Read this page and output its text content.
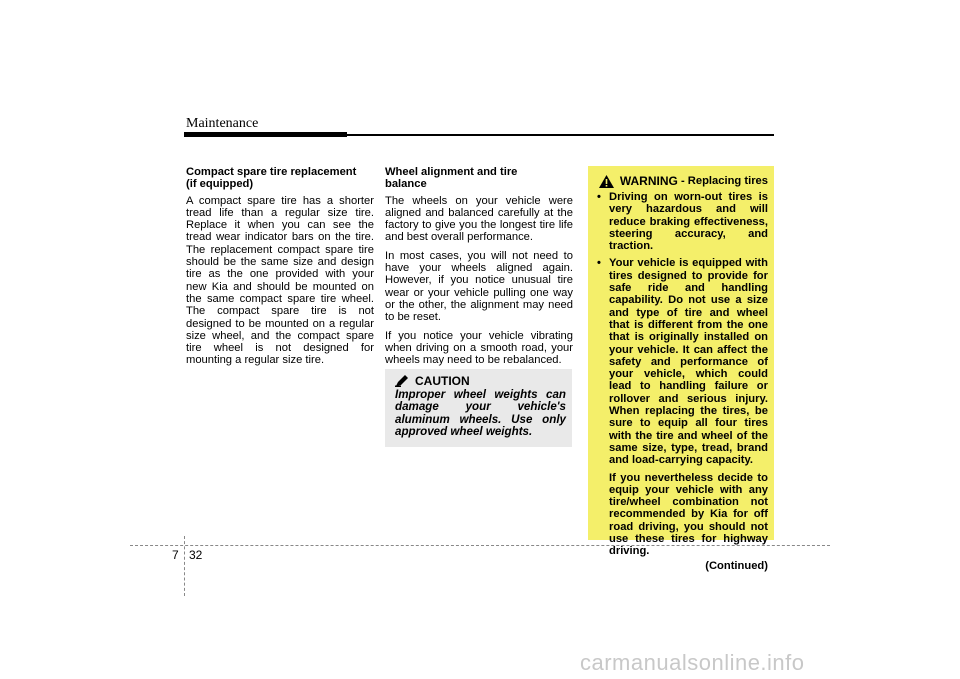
Maintenance
Compact spare tire replacement
(if equipped)

A compact spare tire has a shorter tread life than a regular size tire. Replace it when you can see the tread wear indicator bars on the tire. The replacement compact spare tire should be the same size and design tire as the one provided with your new Kia and should be mounted on the same compact spare tire wheel. The compact spare tire is not designed to be mounted on a regular size wheel, and the compact spare tire wheel is not designed for mounting a regular size tire.

Wheel alignment and tire
balance

The wheels on your vehicle were aligned and balanced carefully at the factory to give you the longest tire life and best overall performance.

In most cases, you will not need to have your wheels aligned again. However, if you notice unusual tire wear or your vehicle pulling one way or the other, the alignment may need to be reset.

If you notice your vehicle vibrating when driving on a smooth road, your wheels may need to be rebalanced.

CAUTION
Improper wheel weights can damage your vehicle's aluminum wheels. Use only approved wheel weights.
WARNING
- Replacing tires
• Driving on worn-out tires is very hazardous and will reduce braking effectiveness, steering accuracy, and traction.
• Your vehicle is equipped with tires designed to provide for safe ride and handling capability. Do not use a size and type of tire and wheel that is different from the one that is originally installed on your vehicle. It can affect the safety and performance of your vehicle, which could lead to handling failure or rollover and serious injury. When replacing the tires, be sure to equip all four tires with the tire and wheel of the same size, type, tread, brand and load-carrying capacity.
If you nevertheless decide to equip your vehicle with any tire/wheel combination not recommended by Kia for off road driving, you should not use these tires for highway driving.
(Continued)
7 32
carmanualsonline.info
